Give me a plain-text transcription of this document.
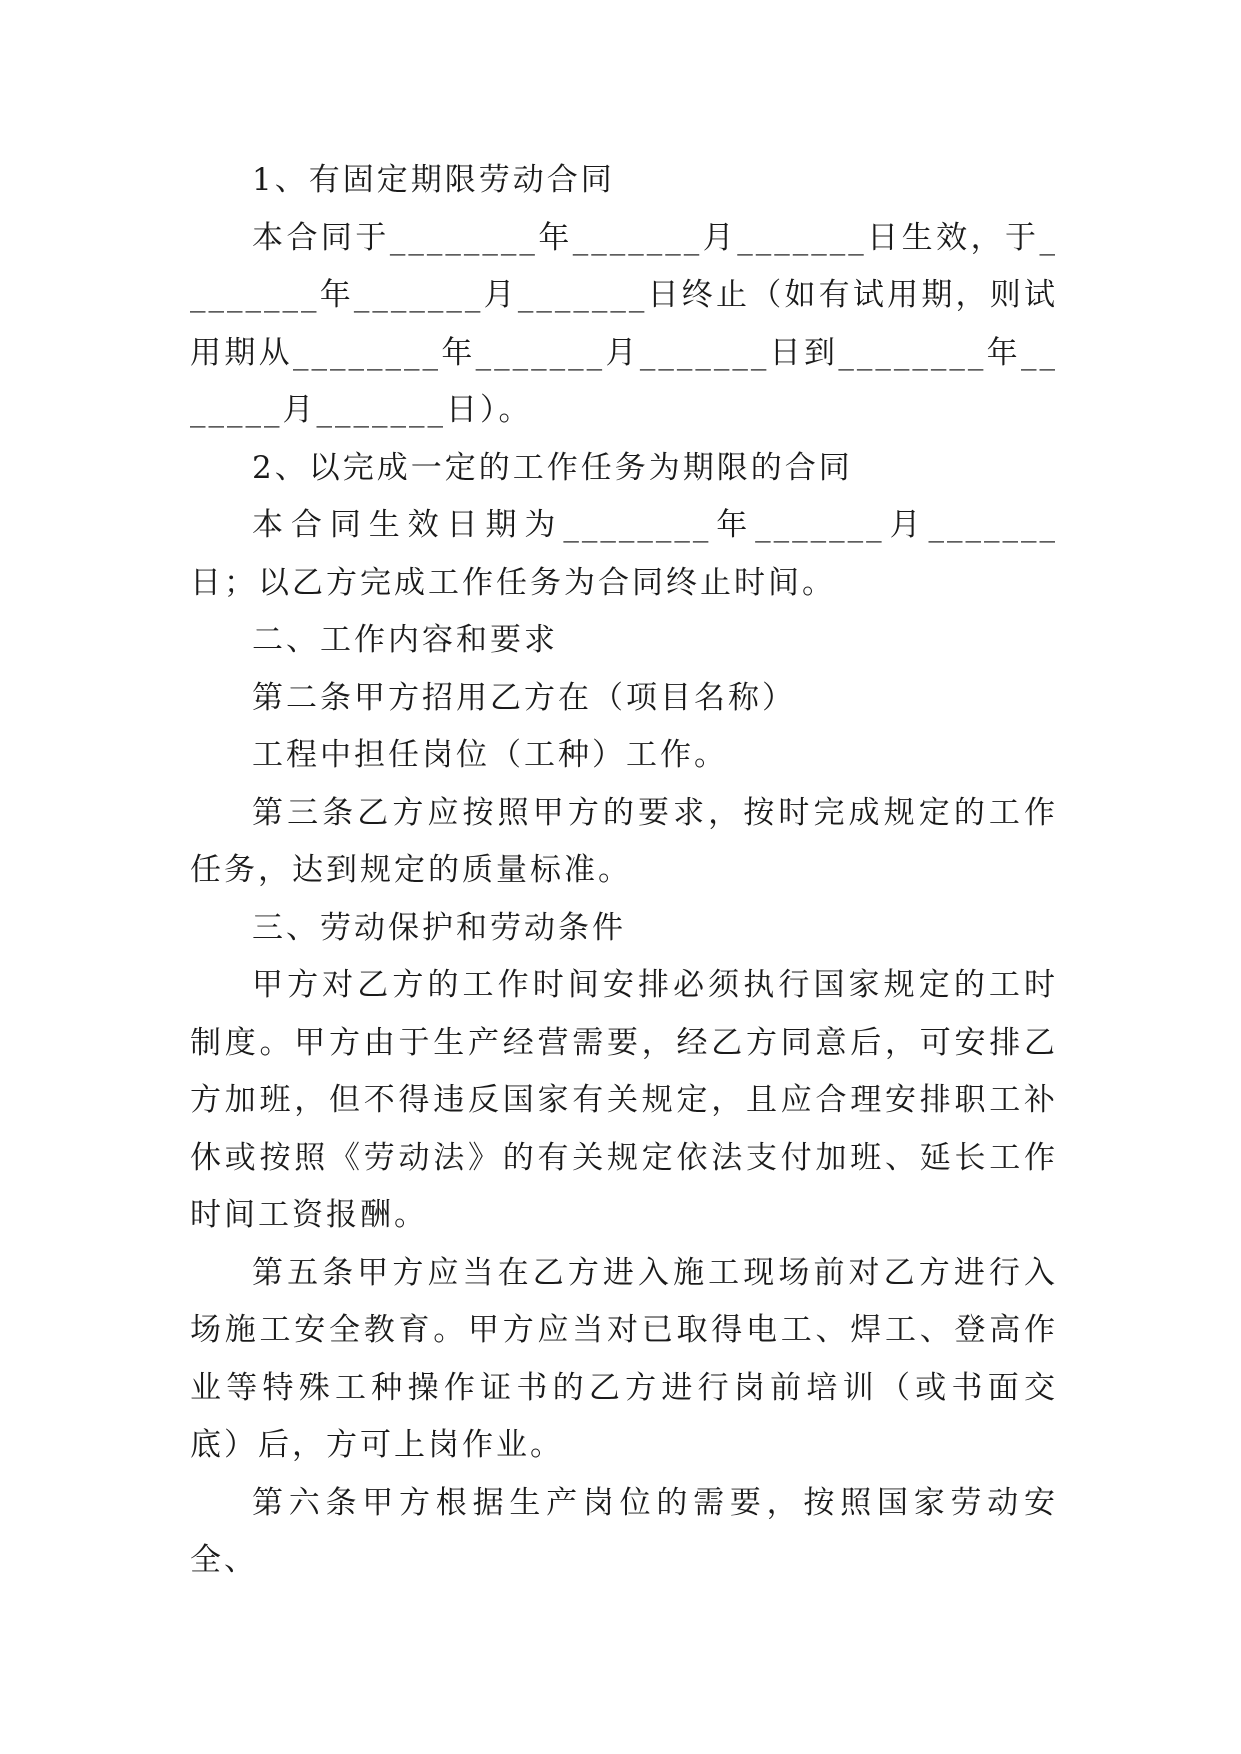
1、有固定期限劳动合同

本合同于________年_______月_______日生效，于________年_______月_______日终止（如有试用期，则试用期从________年_______月_______日到________年_______月_______日）。

2、以完成一定的工作任务为期限的合同

本合同生效日期为________年_______月_______日；以乙方完成工作任务为合同终止时间。

二、工作内容和要求

第二条甲方招用乙方在（项目名称）

工程中担任岗位（工种）工作。

第三条乙方应按照甲方的要求，按时完成规定的工作任务，达到规定的质量标准。

三、劳动保护和劳动条件

甲方对乙方的工作时间安排必须执行国家规定的工时制度。甲方由于生产经营需要，经乙方同意后，可安排乙方加班，但不得违反国家有关规定，且应合理安排职工补休或按照《劳动法》的有关规定依法支付加班、延长工作时间工资报酬。

第五条甲方应当在乙方进入施工现场前对乙方进行入场施工安全教育。甲方应当对已取得电工、焊工、登高作业等特殊工种操作证书的乙方进行岗前培训（或书面交底）后，方可上岗作业。

第六条甲方根据生产岗位的需要，按照国家劳动安全、
